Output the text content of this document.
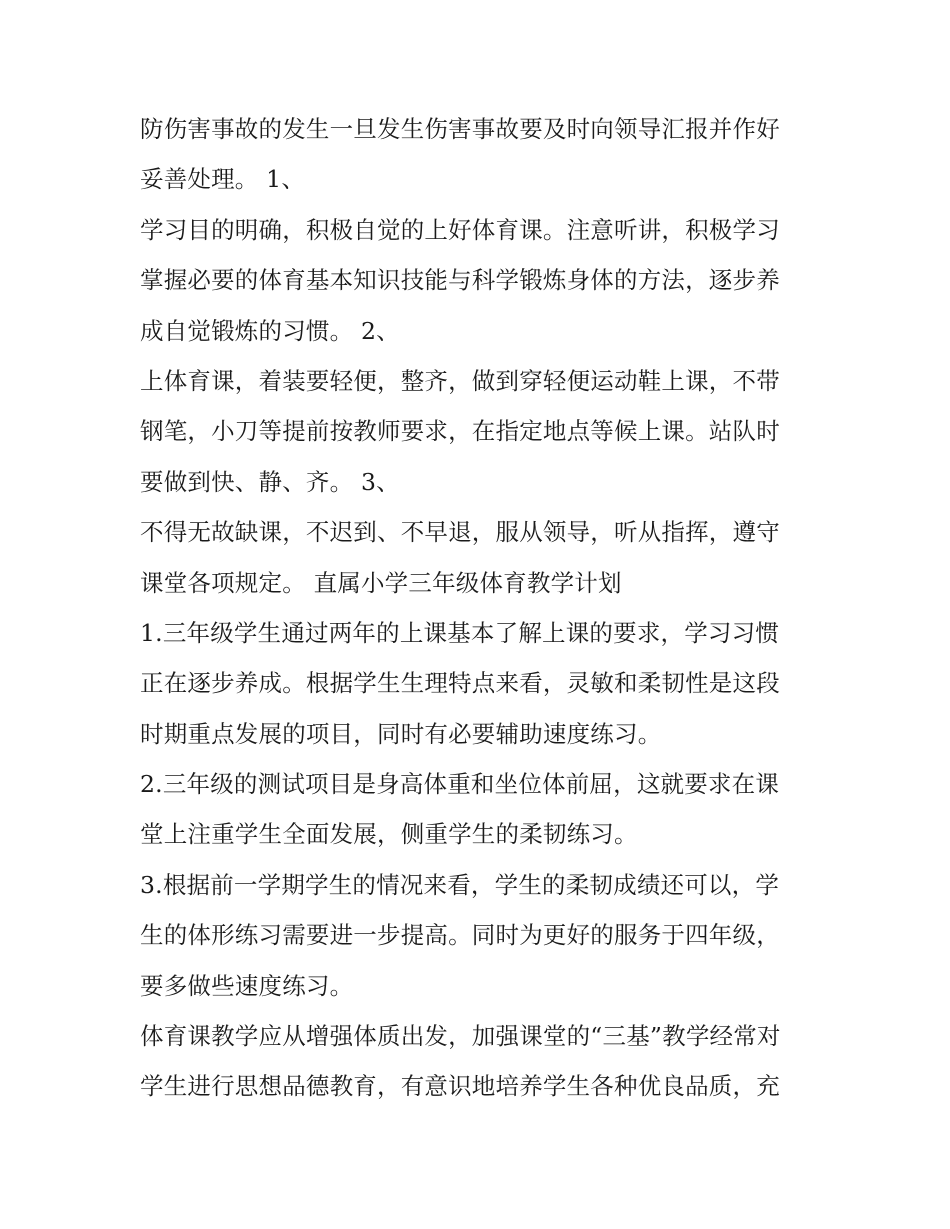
防伤害事故的发生一旦发生伤害事故要及时向领导汇报并作好
妥善处理。 1、
学习目的明确，积极自觉的上好体育课。注意听讲，积极学习
掌握必要的体育基本知识技能与科学锻炼身体的方法，逐步养
成自觉锻炼的习惯。 2、
上体育课，着装要轻便，整齐，做到穿轻便运动鞋上课，不带
钢笔，小刀等提前按教师要求，在指定地点等候上课。站队时
要做到快、静、齐。 3、
不得无故缺课，不迟到、不早退，服从领导，听从指挥，遵守
课堂各项规定。 直属小学三年级体育教学计划
1.三年级学生通过两年的上课基本了解上课的要求，学习习惯
正在逐步养成。根据学生生理特点来看，灵敏和柔韧性是这段
时期重点发展的项目，同时有必要辅助速度练习。
2.三年级的测试项目是身高体重和坐位体前屈，这就要求在课
堂上注重学生全面发展，侧重学生的柔韧练习。
3.根据前一学期学生的情况来看，学生的柔韧成绩还可以，学
生的体形练习需要进一步提高。同时为更好的服务于四年级，
要多做些速度练习。
体育课教学应从增强体质出发，加强课堂的“三基”教学经常对
学生进行思想品德教育，有意识地培养学生各种优良品质，充
